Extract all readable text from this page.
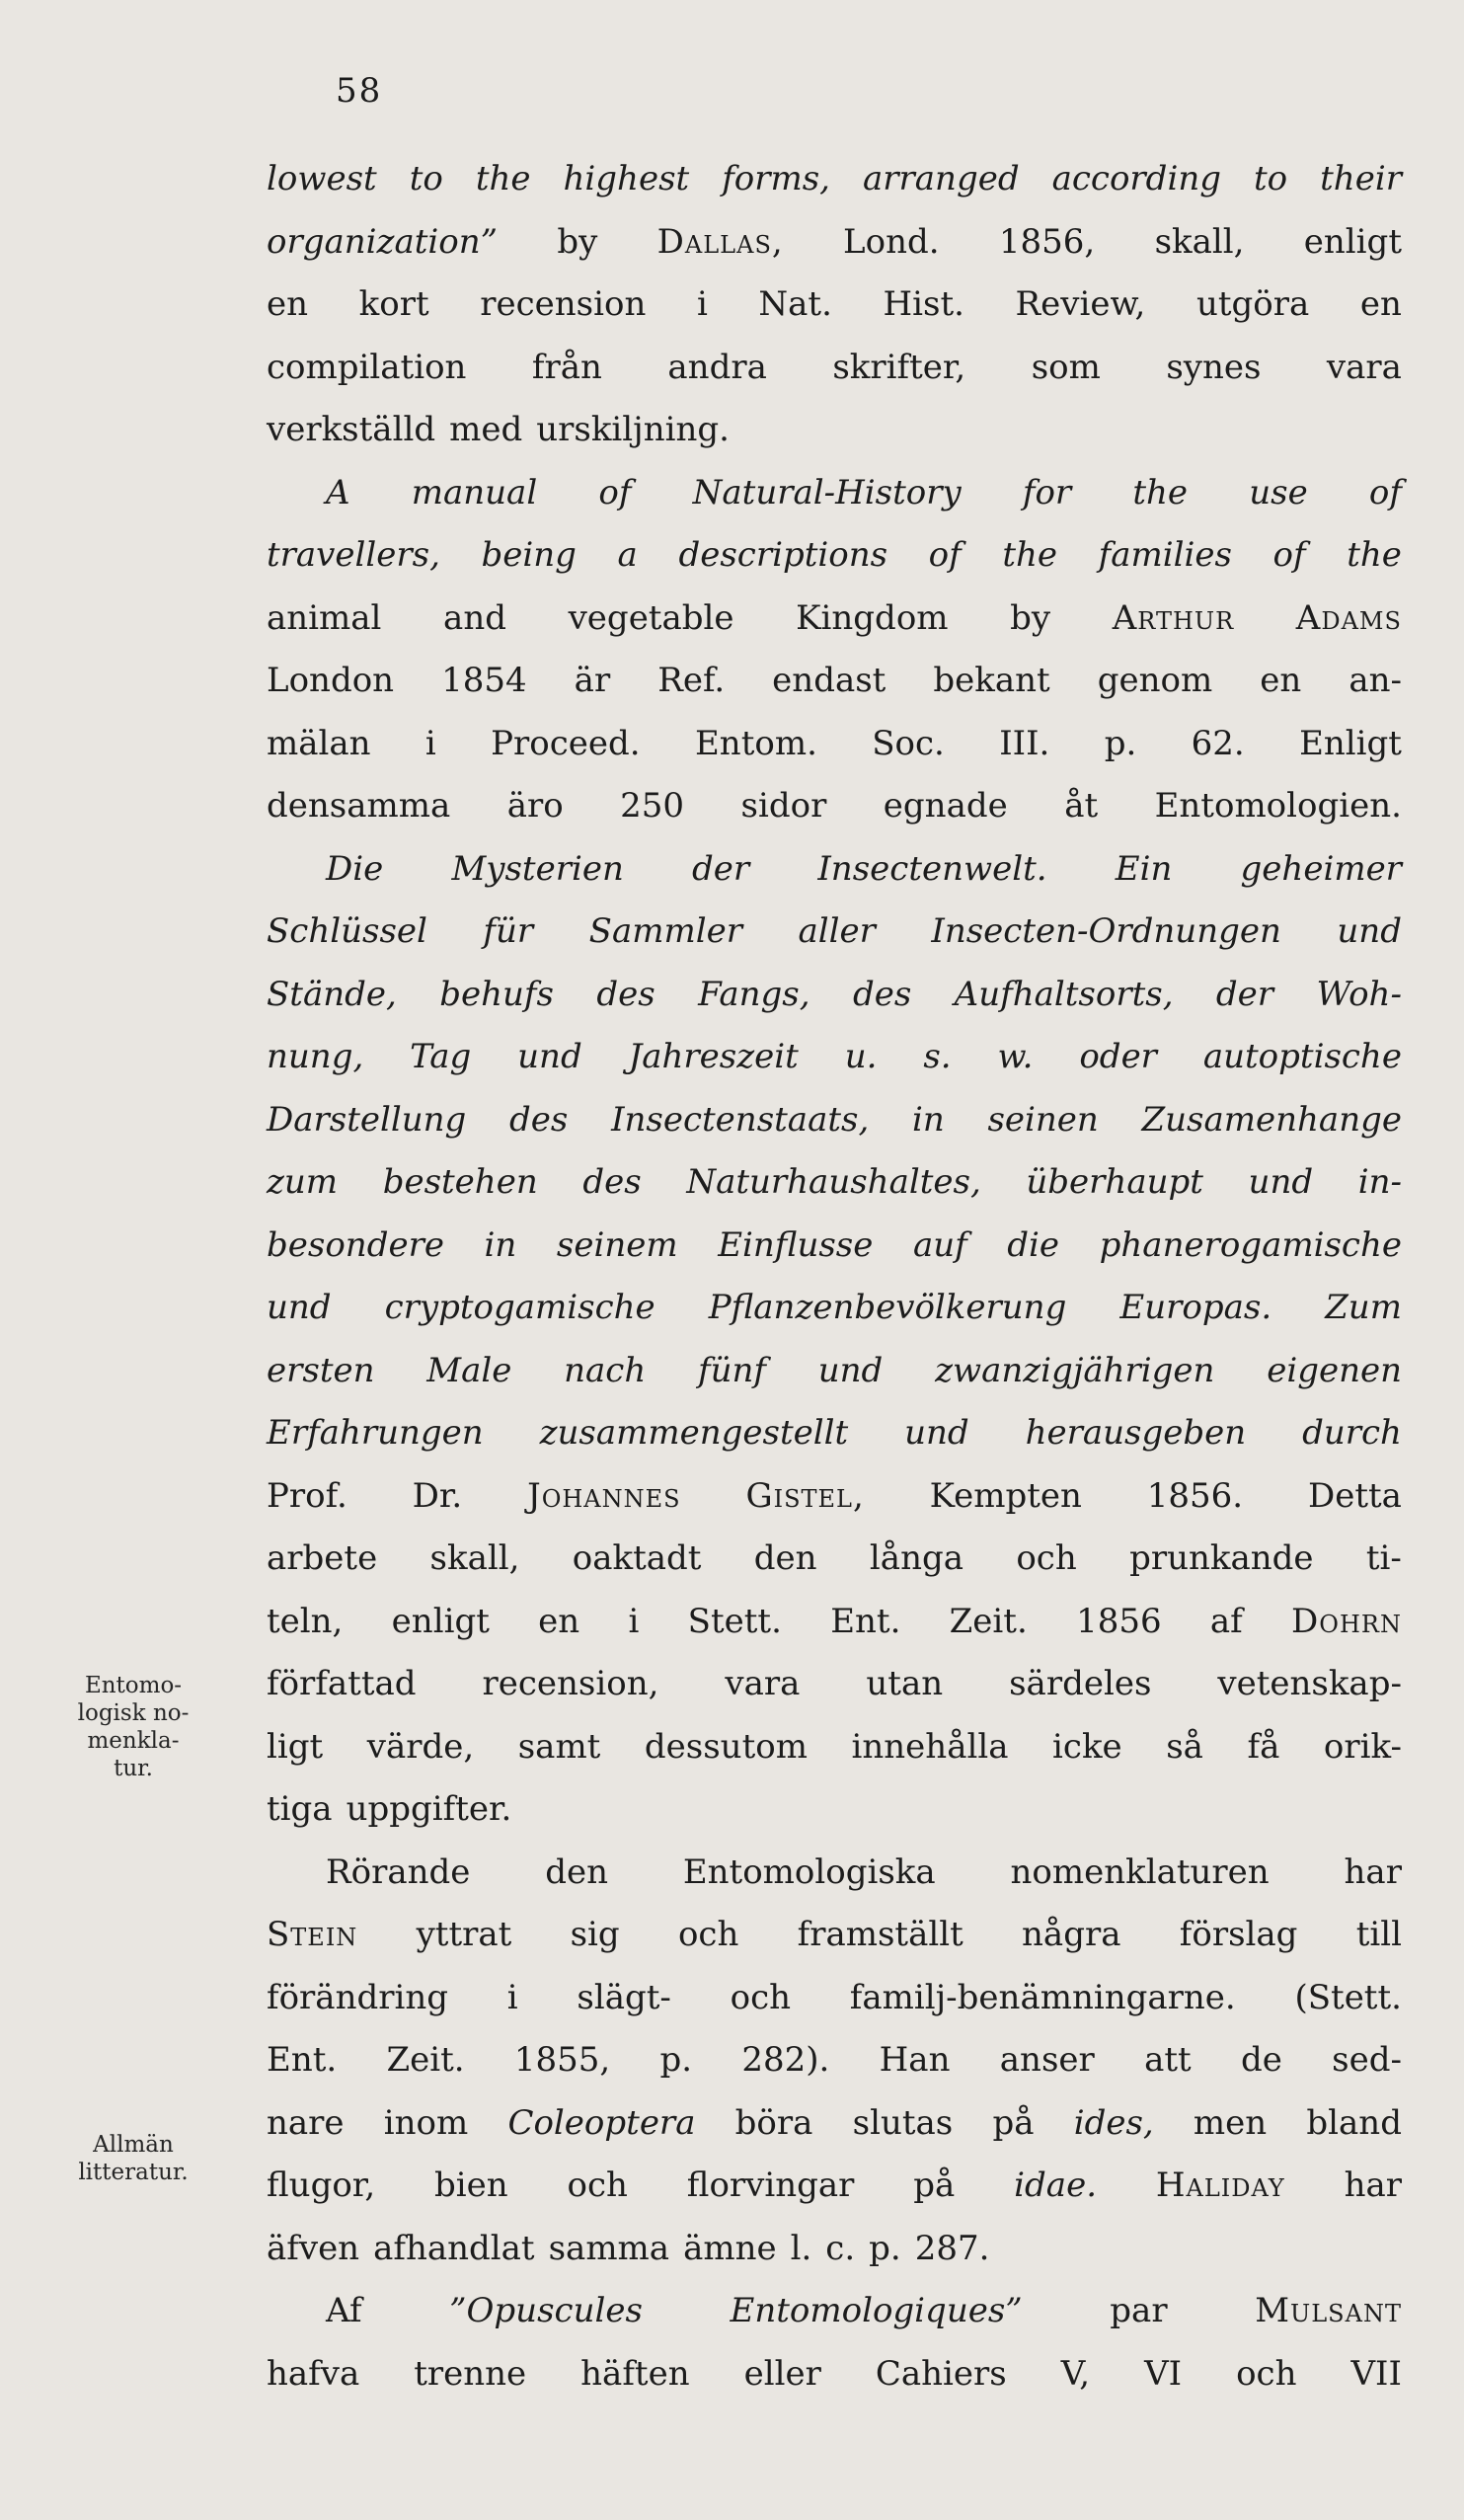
58
Entomo-
logisk no-
menkla-
tur.
Allmän
litteratur.
lowest to the highest forms, arranged according to their
organization” by Dallas, Lond. 1856, skall, enligt
en kort recension i Nat. Hist. Review, utgöra en
compilation från andra skrifter, som synes vara
verkställd
med
urskiljning.
A manual of Natural-History for the use of
travellers, being a descriptions of the families of the
animal and vegetable Kingdom by Arthur Adams
London 1854 är Ref. endast bekant genom en an-
mälan i Proceed. Entom. Soc. III. p. 62. Enligt
densamma äro 250 sidor egnade åt Entomologien.
Die Mysterien der Insectenwelt. Ein geheimer
Schlüssel für Sammler aller Insecten-Ordnungen und
Stände, behufs des Fangs, des Aufhaltsorts, der Woh-
nung, Tag und Jahreszeit u. s. w. oder autoptische
Darstellung des Insectenstaats, in seinen Zusamenhange
zum bestehen des Naturhaushaltes, überhaupt und in-
besondere in seinem Einflusse auf die phanerogamische
und cryptogamische Pflanzenbevölkerung Europas. Zum
ersten Male nach fünf und zwanzigjährigen eigenen
Erfahrungen zusammengestellt und herausgeben durch
Prof. Dr. Johannes Gistel, Kempten 1856. Detta
arbete skall, oaktadt den långa och prunkande ti-
teln, enligt en i Stett. Ent. Zeit. 1856 af Dohrn
författad recension, vara utan särdeles vetenskap-
ligt värde, samt dessutom innehålla icke så få orik-
tiga
uppgifter.
Rörande den Entomologiska nomenklaturen har
Stein yttrat sig och framställt några förslag till
förändring i slägt- och familj-benämningarne. (Stett.
Ent. Zeit. 1855, p. 282). Han anser att de sed-
nare inom Coleoptera böra slutas på ides, men bland
flugor, bien och florvingar på idae. Haliday har
äfven
afhandlat
samma
ämne
l.
c.
p.
287.
Af	”Opuscules	Entomologiques”	par	Mulsant
hafva trenne häften eller Cahiers V, VI och VII
